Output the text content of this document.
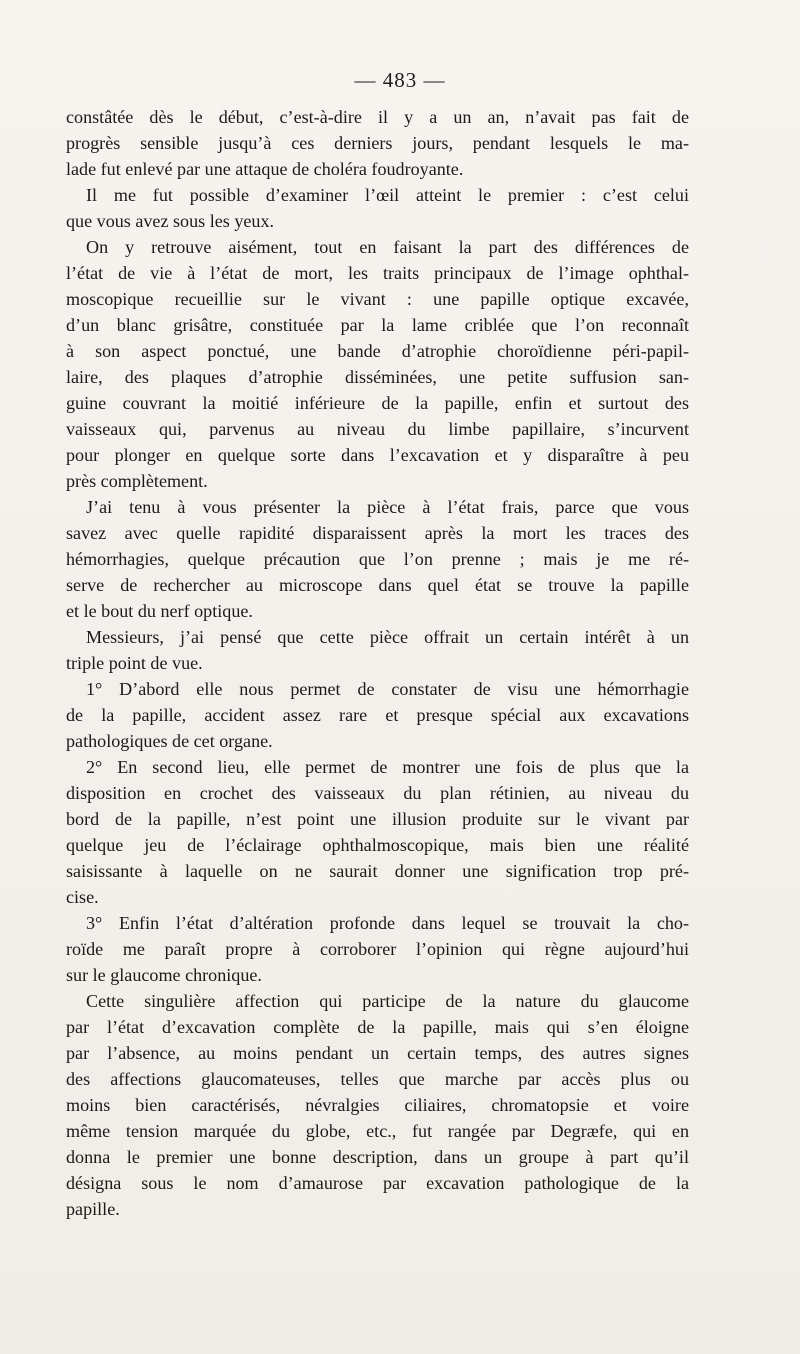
— 483 —
constâtée dès le début, c’est-à-dire il y a un an, n’avait pas fait de
progrès sensible jusqu’à ces derniers jours, pendant lesquels le ma-
lade fut enlevé par une attaque de choléra foudroyante.
Il me fut possible d’examiner l’œil atteint le premier : c’est celui
que vous avez sous les yeux.
On y retrouve aisément, tout en faisant la part des différences de
l’état de vie à l’état de mort, les traits principaux de l’image ophthal-
moscopique recueillie sur le vivant : une papille optique excavée,
d’un blanc grisâtre, constituée par la lame criblée que l’on reconnaît
à son aspect ponctué, une bande d’atrophie choroïdienne péri-papil-
laire, des plaques d’atrophie disséminées, une petite suffusion san-
guine couvrant la moitié inférieure de la papille, enfin et surtout des
vaisseaux qui, parvenus au niveau du limbe papillaire, s’incurvent
pour plonger en quelque sorte dans l’excavation et y disparaître à peu
près complètement.
J’ai tenu à vous présenter la pièce à l’état frais, parce que vous
savez avec quelle rapidité disparaissent après la mort les traces des
hémorrhagies, quelque précaution que l’on prenne ; mais je me ré-
serve de rechercher au microscope dans quel état se trouve la papille
et le bout du nerf optique.
Messieurs, j’ai pensé que cette pièce offrait un certain intérêt à un
triple point de vue.
1° D’abord elle nous permet de constater de visu une hémorrhagie
de la papille, accident assez rare et presque spécial aux excavations
pathologiques de cet organe.
2° En second lieu, elle permet de montrer une fois de plus que la
disposition en crochet des vaisseaux du plan rétinien, au niveau du
bord de la papille, n’est point une illusion produite sur le vivant par
quelque jeu de l’éclairage ophthalmoscopique, mais bien une réalité
saisissante à laquelle on ne saurait donner une signification trop pré-
cise.
3° Enfin l’état d’altération profonde dans lequel se trouvait la cho-
roïde me paraît propre à corroborer l’opinion qui règne aujourd’hui
sur le glaucome chronique.
Cette singulière affection qui participe de la nature du glaucome
par l’état d’excavation complète de la papille, mais qui s’en éloigne
par l’absence, au moins pendant un certain temps, des autres signes
des affections glaucomateuses, telles que marche par accès plus ou
moins bien caractérisés, névralgies ciliaires, chromatopsie et voire
même tension marquée du globe, etc., fut rangée par Degræfe, qui en
donna le premier une bonne description, dans un groupe à part qu’il
désigna sous le nom d’amaurose par excavation pathologique de la
papille.
